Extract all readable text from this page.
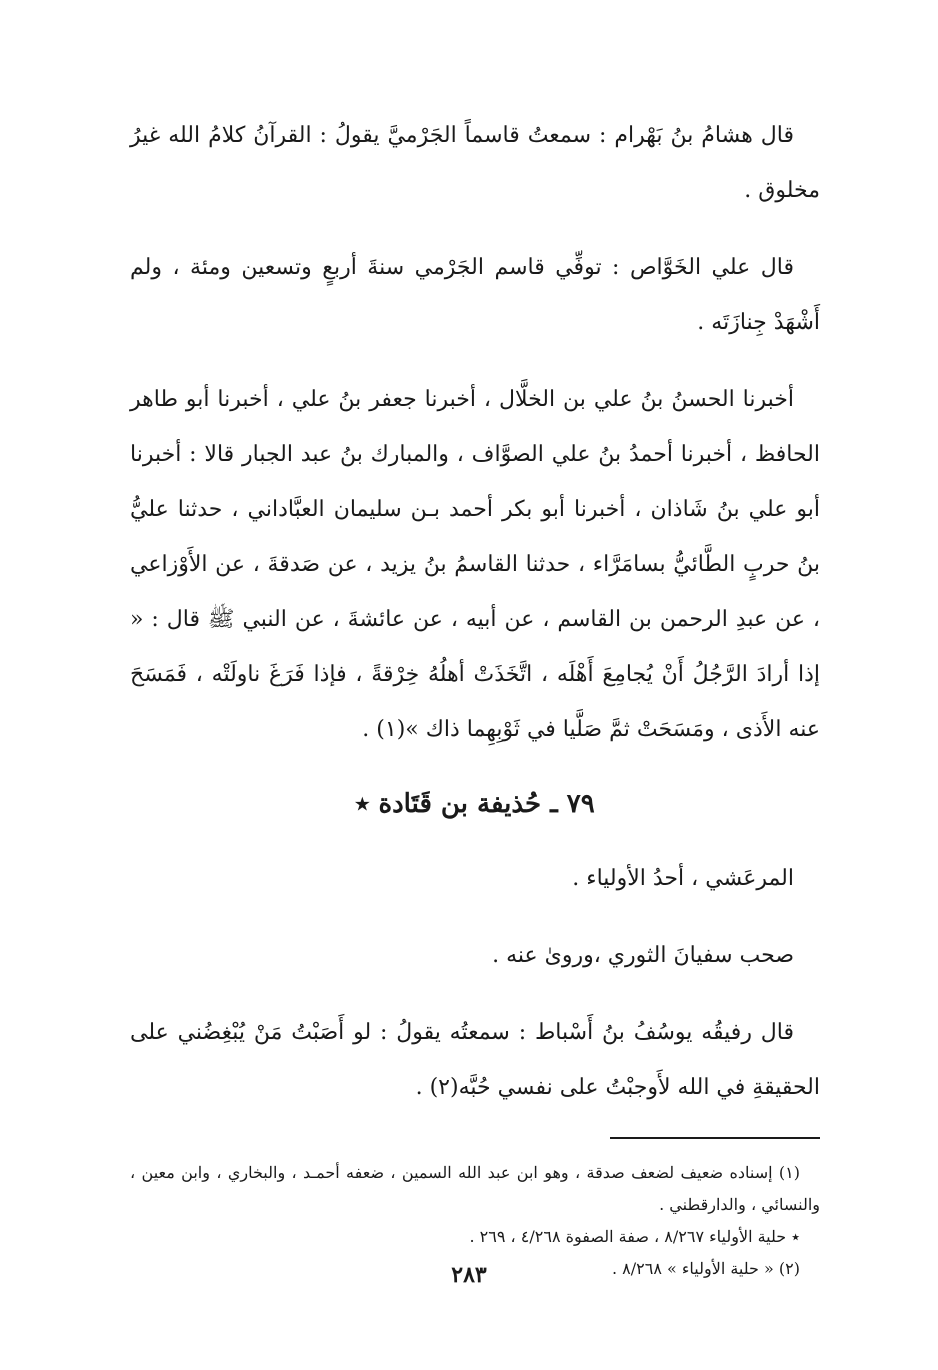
قال هشامُ بنُ بَهْرام : سمعتُ قاسماً الجَرْميَّ يقولُ : القرآنُ كلامُ الله غيرُ مخلوق .

قال علي الخَوَّاص : توفِّي قاسم الجَرْمي سنةَ أربعٍ وتسعين ومئة ، ولم أَشْهَدْ جِنازَتَه .

أخبرنا الحسنُ بنُ علي بن الخلَّال ، أخبرنا جعفر بنُ علي ، أخبرنا أبو طاهر الحافظ ، أخبرنا أحمدُ بنُ علي الصوَّاف ، والمبارك بنُ عبد الجبار قالا : أخبرنا أبو علي بنُ شَاذان ، أخبرنا أبو بكر أحمد بـن سليمان العبَّاداني ، حدثنا عليُّ بنُ حربٍ الطَّائيُّ بسامَرَّاء ، حدثنا القاسمُ بنُ يزيد ، عن صَدقةَ ، عن الأَوْزاعي ، عن عبدِ الرحمن بن القاسم ، عن أبيه ، عن عائشةَ ، عن النبي ﷺ قال : « إذا أرادَ الرَّجُلُ أَنْ يُجامِعَ أَهْلَه ، اتَّخَذَتْ أهلُهُ خِرْقةً ، فإذا فَرَغَ ناولَتْه ، فَمَسَحَ عنه الأَذى ، ومَسَحَتْ ثمَّ صَلَّيا في ثَوْبِهِما ذاك »(١) .

٧٩ ـ حُذيفة بن قَتَادة ٭

المرعَشي ، أحدُ الأولياء .

صحب سفيانَ الثوري ،وروىٰ عنه .

قال رفيقُه يوسُفُ بنُ أَسْباط : سمعتُه يقولُ : لو أَصَبْتُ مَنْ يُبْغِضُني على الحقيقةِ في الله لأَوجبْتُ على نفسي حُبَّه(٢) .

(١) إسناده ضعيف لضعف صدقة ، وهو ابن عبد الله السمين ، ضعفه أحمـد ، والبخاري ، وابن معين ، والنسائي ، والدارقطني .

٭ حلية الأولياء ٨/٢٦٧ ، صفة الصفوة ٤/٢٦٨ ، ٢٦٩ .

(٢) « حلية الأولياء » ٨/٢٦٨ .

٢٨٣
